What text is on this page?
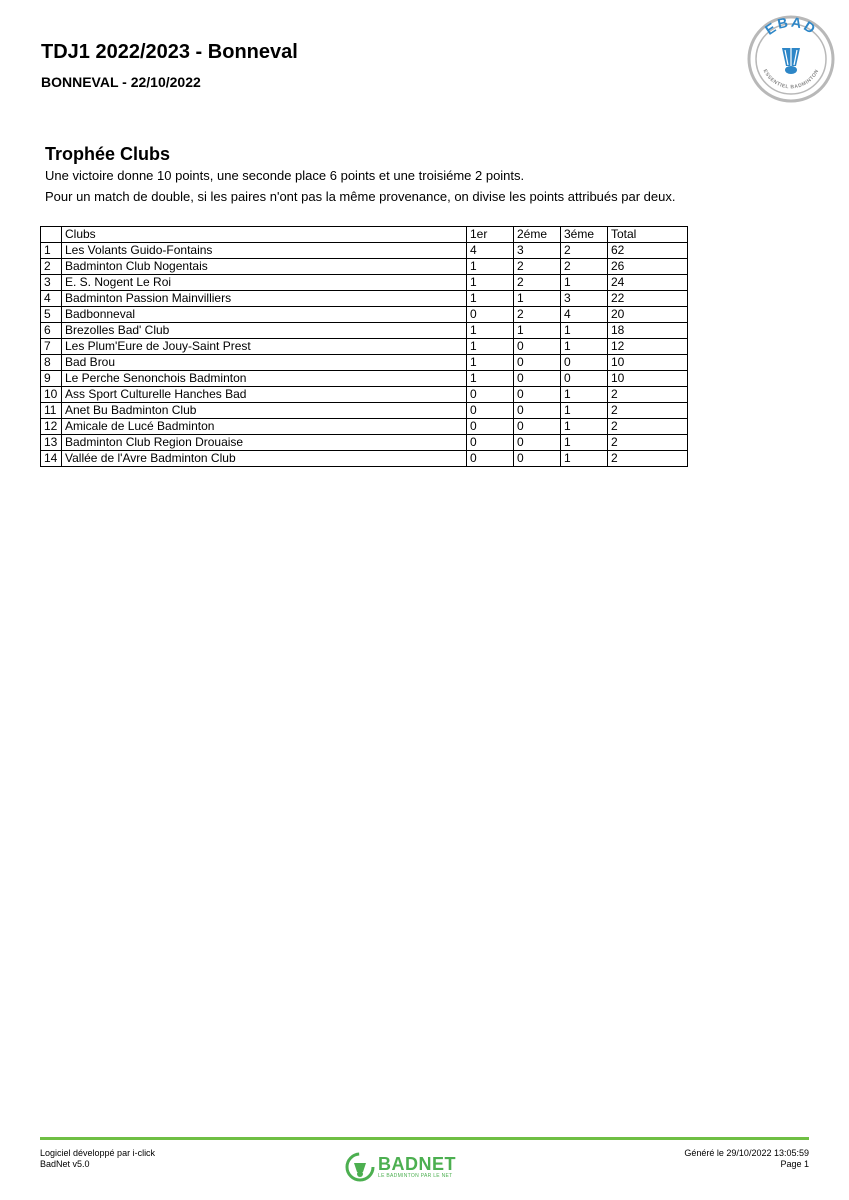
TDJ1 2022/2023 - Bonneval
BONNEVAL - 22/10/2022
EBAD
ESSENTIEL BADMINTON
Trophée Clubs

Une victoire donne 10 points, une seconde place 6 points et une troisiéme 2 points.

Pour un match de double, si les paires n'ont pas la même provenance, on divise les points attribués par deux.

	Clubs	1er	2éme	3éme	Total
1	Les Volants Guido-Fontains	4	3	2	62
2	Badminton Club Nogentais	1	2	2	26
3	E. S. Nogent Le Roi	1	2	1	24
4	Badminton Passion Mainvilliers	1	1	3	22
5	Badbonneval	0	2	4	20
6	Brezolles Bad' Club	1	1	1	18
7	Les Plum'Eure de Jouy-Saint Prest	1	0	1	12
8	Bad Brou	1	0	0	10
9	Le Perche Senonchois Badminton	1	0	0	10
10	Ass Sport Culturelle Hanches Bad	0	0	1	2
11	Anet Bu Badminton Club	0	0	1	2
12	Amicale de Lucé Badminton	0	0	1	2
13	Badminton Club Region Drouaise	0	0	1	2
14	Vallée de l'Avre Badminton Club	0	0	1	2

Logiciel développé par i-click

BadNet v5.0

Généré le 29/10/2022 13:05:59

Page 1

BADNET
LE BADMINTON PAR LE NET
